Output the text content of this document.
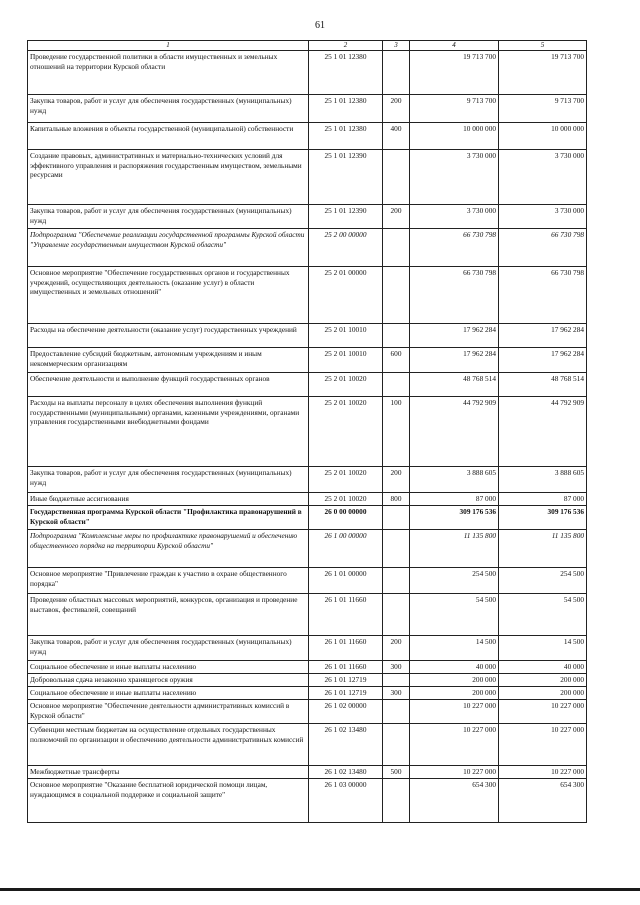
61
1	2	3	4	5
Проведение государственной политики в области имущественных и земельных отношений на территории Курской области	25 1 01 12380		19 713 700	19 713 700
Закупка товаров, работ и услуг для обеспечения государственных (муниципальных) нужд	25 1 01 12380	200	9 713 700	9 713 700
Капитальные вложения в объекты государственной (муниципальной) собственности	25 1 01 12380	400	10 000 000	10 000 000
Создание правовых, административных и материально-технических условий для эффективного управления и распоряжения государственным имуществом, земельными ресурсами	25 1 01 12390		3 730 000	3 730 000
Закупка товаров, работ и услуг для обеспечения государственных (муниципальных) нужд	25 1 01 12390	200	3 730 000	3 730 000
Подпрограмма "Обеспечение реализации государственной программы Курской области "Управление государственным имуществом Курской области"	25 2 00 00000		66 730 798	66 730 798
Основное мероприятие "Обеспечение государственных органов и государственных учреждений, осуществляющих деятельность (оказание услуг) в области имущественных и земельных отношений"	25 2 01 00000		66 730 798	66 730 798
Расходы на обеспечение деятельности (оказание услуг) государственных учреждений	25 2 01 10010		17 962 284	17 962 284
Предоставление субсидий бюджетным, автономным учреждениям и иным некоммерческим организациям	25 2 01 10010	600	17 962 284	17 962 284
Обеспечение деятельности и выполнение функций государственных органов	25 2 01 10020		48 768 514	48 768 514
Расходы на выплаты персоналу в целях обеспечения выполнения функций государственными (муниципальными) органами, казенными учреждениями, органами управления государственными внебюджетными фондами	25 2 01 10020	100	44 792 909	44 792 909
Закупка товаров, работ и услуг для обеспечения государственных (муниципальных) нужд	25 2 01 10020	200	3 888 605	3 888 605
Иные бюджетные ассигнования	25 2 01 10020	800	87 000	87 000
Государственная программа Курской области "Профилактика правонарушений в Курской области"	26 0 00 00000		309 176 536	309 176 536
Подпрограмма "Комплексные меры по профилактике правонарушений и обеспечению общественного порядка на территории Курской области"	26 1 00 00000		11 135 800	11 135 800
Основное мероприятие "Привлечение граждан к участию в охране общественного порядка"	26 1 01 00000		254 500	254 500
Проведение областных массовых мероприятий, конкурсов, организация и проведение выставок, фестивалей, совещаний	26 1 01 11660		54 500	54 500
Закупка товаров, работ и услуг для обеспечения государственных (муниципальных) нужд	26 1 01 11660	200	14 500	14 500
Социальное обеспечение и иные выплаты населению	26 1 01 11660	300	40 000	40 000
Добровольная сдача незаконно хранящегося оружия	26 1 01 12719		200 000	200 000
Социальное обеспечение и иные выплаты населению	26 1 01 12719	300	200 000	200 000
Основное мероприятие "Обеспечение деятельности административных комиссий в Курской области"	26 1 02 00000		10 227 000	10 227 000
Субвенции местным бюджетам на осуществление отдельных государственных полномочий по организации и обеспечению деятельности административных комиссий	26 1 02 13480		10 227 000	10 227 000
Межбюджетные трансферты	26 1 02 13480	500	10 227 000	10 227 000
Основное мероприятие "Оказание бесплатной юридической помощи лицам, нуждающимся в социальной поддержке и социальной защите"	26 1 03 00000		654 300	654 300
